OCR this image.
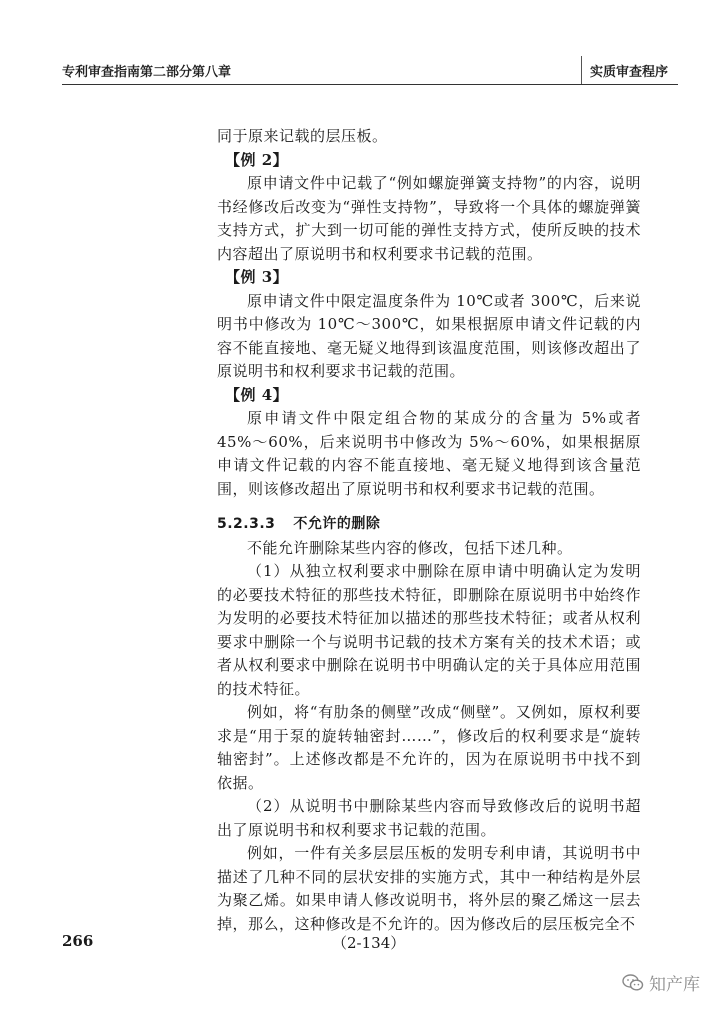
专利审查指南第二部分第八章	实质审查程序

同于原来记载的层压板。

【例 2】

原申请文件中记载了“例如螺旋弹簧支持物”的内容，说明书经修改后改变为“弹性支持物”，导致将一个具体的螺旋弹簧支持方式，扩大到一切可能的弹性支持方式，使所反映的技术内容超出了原说明书和权利要求书记载的范围。

【例 3】

原申请文件中限定温度条件为 10℃或者 300℃，后来说明书中修改为 10℃～300℃，如果根据原申请文件记载的内容不能直接地、毫无疑义地得到该温度范围，则该修改超出了原说明书和权利要求书记载的范围。

【例 4】

原申请文件中限定组合物的某成分的含量为 5%或者 45%～60%，后来说明书中修改为 5%～60%，如果根据原申请文件记载的内容不能直接地、毫无疑义地得到该含量范围，则该修改超出了原说明书和权利要求书记载的范围。

5.2.3.3 不允许的删除

不能允许删除某些内容的修改，包括下述几种。

（1）从独立权利要求中删除在原申请中明确认定为发明的必要技术特征的那些技术特征，即删除在原说明书中始终作为发明的必要技术特征加以描述的那些技术特征；或者从权利要求中删除一个与说明书记载的技术方案有关的技术术语；或者从权利要求中删除在说明书中明确认定的关于具体应用范围的技术特征。

例如，将“有肋条的侧壁”改成“侧壁”。又例如，原权利要求是“用于泵的旋转轴密封……”，修改后的权利要求是“旋转轴密封”。上述修改都是不允许的，因为在原说明书中找不到依据。

（2）从说明书中删除某些内容而导致修改后的说明书超出了原说明书和权利要求书记载的范围。

例如，一件有关多层层压板的发明专利申请，其说明书中描述了几种不同的层状安排的实施方式，其中一种结构是外层为聚乙烯。如果申请人修改说明书，将外层的聚乙烯这一层去掉，那么，这种修改是不允许的。因为修改后的层压板完全不

266	（2-134）
知产库
